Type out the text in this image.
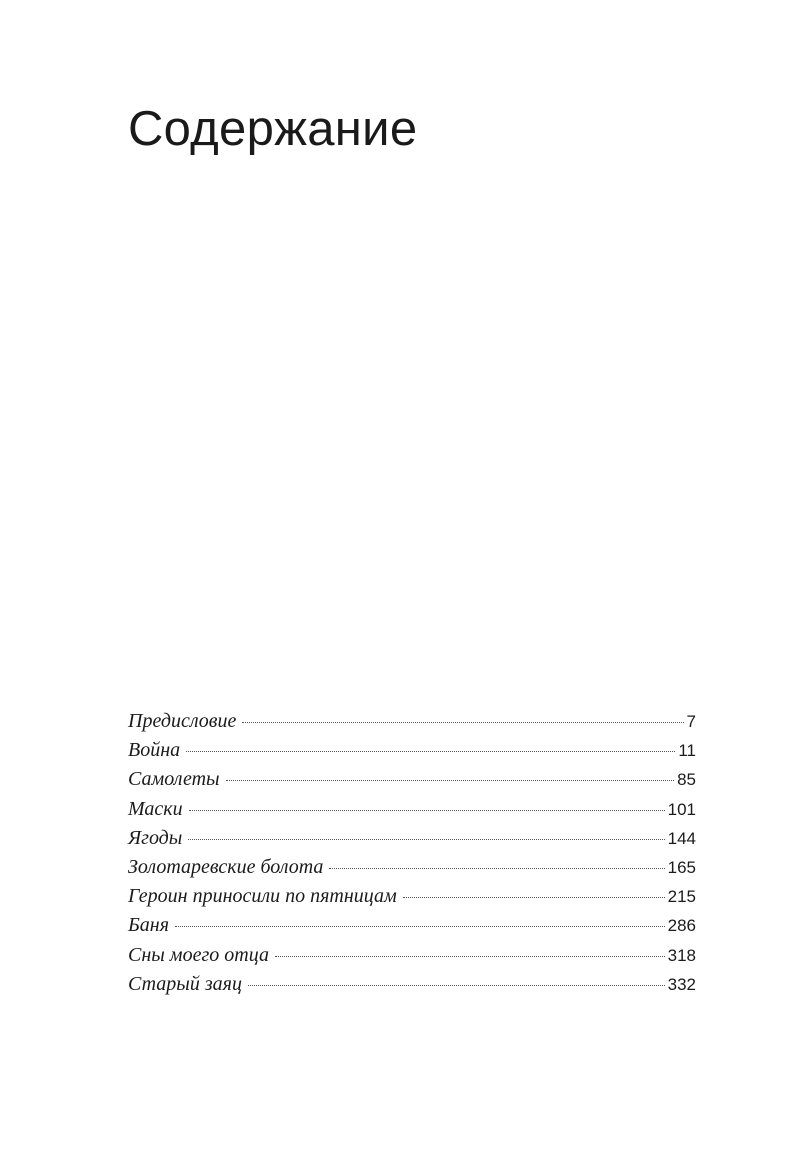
Содержание
Предисловие	7
Война	11
Самолеты	85
Маски	101
Ягоды	144
Золотаревские болота	165
Героин приносили по пятницам	215
Баня	286
Сны моего отца	318
Старый заяц	332
